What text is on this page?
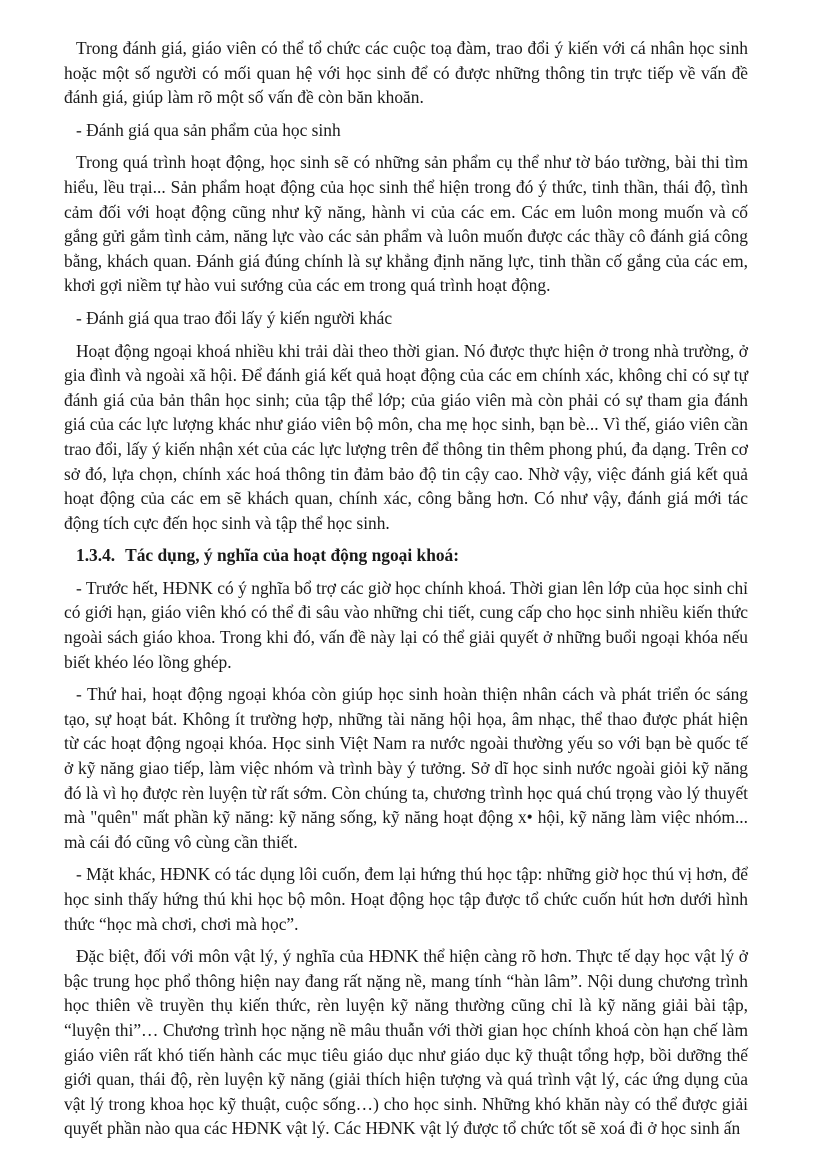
Trong đánh giá, giáo viên có thể tổ chức các cuộc toạ đàm, trao đổi ý kiến với cá nhân học sinh hoặc một số người có mối quan hệ với học sinh để có được những thông tin trực tiếp về vấn đề đánh giá, giúp làm rõ một số vấn đề còn băn khoăn.

- Đánh giá qua sản phẩm của học sinh

Trong quá trình hoạt động, học sinh sẽ có những sản phẩm cụ thể như tờ báo tường, bài thi tìm hiểu, lều trại... Sản phẩm hoạt động của học sinh thể hiện trong đó ý thức, tinh thần, thái độ, tình cảm đối với hoạt động cũng như kỹ năng, hành vi của các em. Các em luôn mong muốn và cố gắng gửi gắm tình cảm, năng lực vào các sản phẩm và luôn muốn được các thầy cô đánh giá công bằng, khách quan. Đánh giá đúng chính là sự khẳng định năng lực, tinh thần cố gắng của các em, khơi gợi niềm tự hào vui sướng của các em trong quá trình hoạt động.

- Đánh giá qua trao đổi lấy ý kiến người khác

Hoạt động ngoại khoá nhiều khi trải dài theo thời gian. Nó được thực hiện ở trong nhà trường, ở gia đình và ngoài xã hội. Để đánh giá kết quả hoạt động của các em chính xác, không chỉ có sự tự đánh giá của bản thân học sinh; của tập thể lớp; của giáo viên mà còn phải có sự tham gia đánh giá của các lực lượng khác như giáo viên bộ môn, cha mẹ học sinh, bạn bè... Vì thế, giáo viên cần trao đổi, lấy ý kiến nhận xét của các lực lượng trên để thông tin thêm phong phú, đa dạng. Trên cơ sở đó, lựa chọn, chính xác hoá thông tin đảm bảo độ tin cậy cao. Nhờ vậy, việc đánh giá kết quả hoạt động của các em sẽ khách quan, chính xác, công bằng hơn. Có như vậy, đánh giá mới tác động tích cực đến học sinh và tập thể học sinh.

1.3.4. Tác dụng, ý nghĩa của hoạt động ngoại khoá:

- Trước hết, HĐNK có ý nghĩa bổ trợ các giờ học chính khoá. Thời gian lên lớp của học sinh chỉ có giới hạn, giáo viên khó có thể đi sâu vào những chi tiết, cung cấp cho học sinh nhiều kiến thức ngoài sách giáo khoa. Trong khi đó, vấn đề này lại có thể giải quyết ở những buổi ngoại khóa nếu biết khéo léo lồng ghép.

- Thứ hai, hoạt động ngoại khóa còn giúp học sinh hoàn thiện nhân cách và phát triển óc sáng tạo, sự hoạt bát. Không ít trường hợp, những tài năng hội họa, âm nhạc, thể thao được phát hiện từ các hoạt động ngoại khóa. Học sinh Việt Nam ra nước ngoài thường yếu so với bạn bè quốc tế ở kỹ năng giao tiếp, làm việc nhóm và trình bày ý tưởng. Sở dĩ học sinh nước ngoài giỏi kỹ năng đó là vì họ được rèn luyện từ rất sớm. Còn chúng ta, chương trình học quá chú trọng vào lý thuyết mà "quên" mất phần kỹ năng: kỹ năng sống, kỹ năng hoạt động x• hội, kỹ năng làm việc nhóm... mà cái đó cũng vô cùng cần thiết.

- Mặt khác, HĐNK có tác dụng lôi cuốn, đem lại hứng thú học tập: những giờ học thú vị hơn, để học sinh thấy hứng thú khi học bộ môn. Hoạt động học tập được tổ chức cuốn hút hơn dưới hình thức “học mà chơi, chơi mà học”.

Đặc biệt, đối với môn vật lý, ý nghĩa của HĐNK thể hiện càng rõ hơn. Thực tế dạy học vật lý ở bậc trung học phổ thông hiện nay đang rất nặng nề, mang tính “hàn lâm”. Nội dung chương trình học thiên về truyền thụ kiến thức, rèn luyện kỹ năng thường cũng chỉ là kỹ năng giải bài tập, “luyện thi”… Chương trình học nặng nề mâu thuẫn với thời gian học chính khoá còn hạn chế làm giáo viên rất khó tiến hành các mục tiêu giáo dục như giáo dục kỹ thuật tổng hợp, bồi dưỡng thế giới quan, thái độ, rèn luyện kỹ năng (giải thích hiện tượng và quá trình vật lý, các ứng dụng của vật lý trong khoa học kỹ thuật, cuộc sống…) cho học sinh. Những khó khăn này có thể được giải quyết phần nào qua các HĐNK vật lý. Các HĐNK vật lý được tổ chức tốt sẽ xoá đi ở học sinh ấn
